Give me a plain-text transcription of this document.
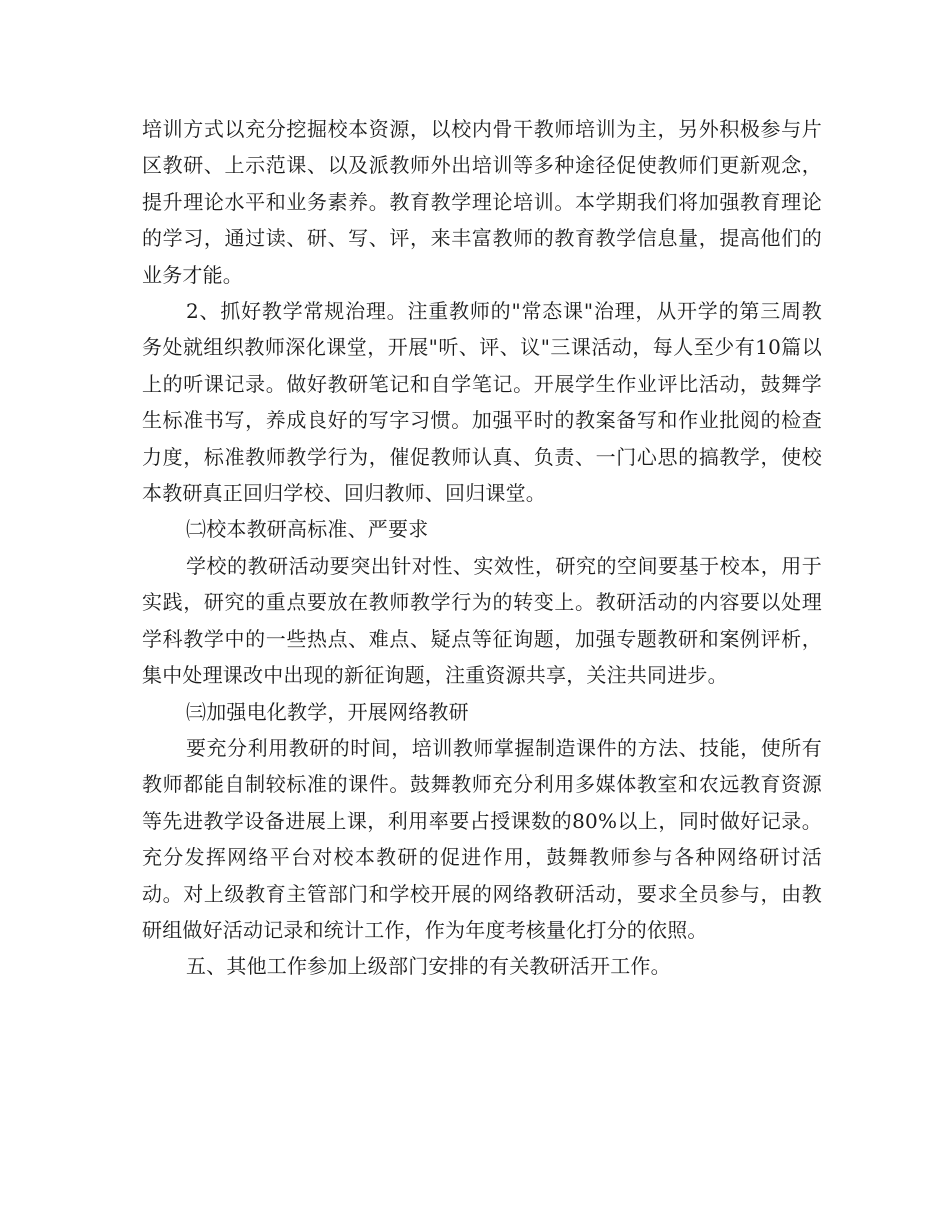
培训方式以充分挖掘校本资源，以校内骨干教师培训为主，另外积极参与片区教研、上示范课、以及派教师外出培训等多种途径促使教师们更新观念，提升理论水平和业务素养。教育教学理论培训。本学期我们将加强教育理论的学习，通过读、研、写、评，来丰富教师的教育教学信息量，提高他们的业务才能。

2、抓好教学常规治理。注重教师的"常态课"治理，从开学的第三周教务处就组织教师深化课堂，开展"听、评、议"三课活动，每人至少有10篇以上的听课记录。做好教研笔记和自学笔记。开展学生作业评比活动，鼓舞学生标准书写，养成良好的写字习惯。加强平时的教案备写和作业批阅的检查力度，标准教师教学行为，催促教师认真、负责、一门心思的搞教学，使校本教研真正回归学校、回归教师、回归课堂。

㈡校本教研高标准、严要求

学校的教研活动要突出针对性、实效性，研究的空间要基于校本，用于实践，研究的重点要放在教师教学行为的转变上。教研活动的内容要以处理学科教学中的一些热点、难点、疑点等征询题，加强专题教研和案例评析，集中处理课改中出现的新征询题，注重资源共享，关注共同进步。

㈢加强电化教学，开展网络教研

要充分利用教研的时间，培训教师掌握制造课件的方法、技能，使所有教师都能自制较标准的课件。鼓舞教师充分利用多媒体教室和农远教育资源等先进教学设备进展上课，利用率要占授课数的80%以上，同时做好记录。充分发挥网络平台对校本教研的促进作用，鼓舞教师参与各种网络研讨活动。对上级教育主管部门和学校开展的网络教研活动，要求全员参与，由教研组做好活动记录和统计工作，作为年度考核量化打分的依照。

五、其他工作参加上级部门安排的有关教研活开工作。
